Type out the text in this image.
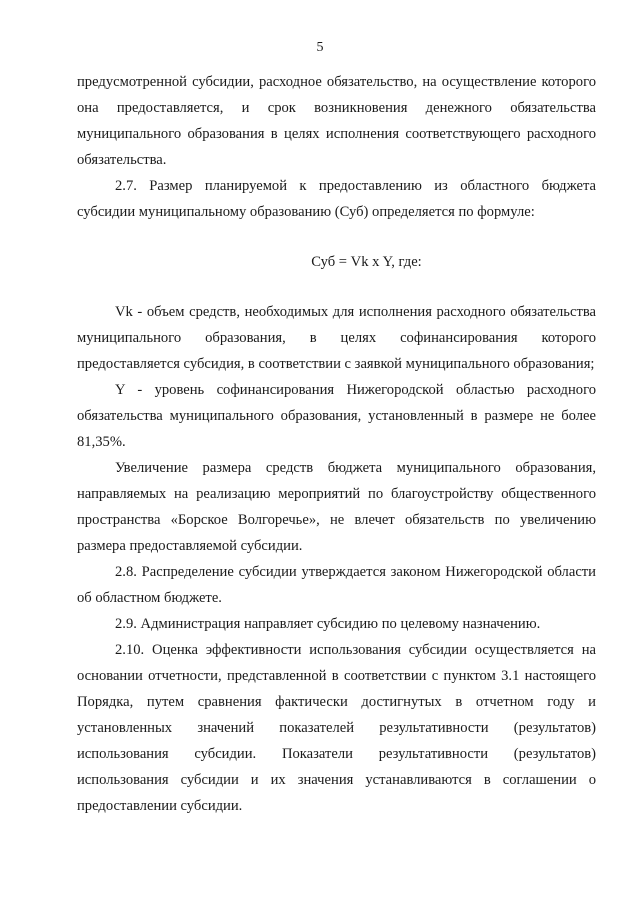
5

предусмотренной субсидии, расходное обязательство, на осуществление которого она предоставляется, и срок возникновения денежного обязательства муниципального образования в целях исполнения соответствующего расходного обязательства.

2.7. Размер планируемой к предоставлению из областного бюджета субсидии муниципальному образованию (Суб) определяется по формуле:

Суб = Vk x Y, где:

Vk - объем средств, необходимых для исполнения расходного обязательства муниципального образования, в целях софинансирования которого предоставляется субсидия, в соответствии с заявкой муниципального образования;

Y - уровень софинансирования Нижегородской областью расходного обязательства муниципального образования, установленный в размере не более 81,35%.

Увеличение размера средств бюджета муниципального образования, направляемых на реализацию мероприятий по благоустройству общественного пространства «Борское Волгоречье», не влечет обязательств по увеличению размера предоставляемой субсидии.

2.8. Распределение субсидии утверждается законом Нижегородской области об областном бюджете.

2.9. Администрация направляет субсидию по целевому назначению.

2.10. Оценка эффективности использования субсидии осуществляется на основании отчетности, представленной в соответствии с пунктом 3.1 настоящего Порядка, путем сравнения фактически достигнутых в отчетном году и установленных значений показателей результативности (результатов) использования субсидии. Показатели результативности (результатов) использования субсидии и их значения устанавливаются в соглашении о предоставлении субсидии.
